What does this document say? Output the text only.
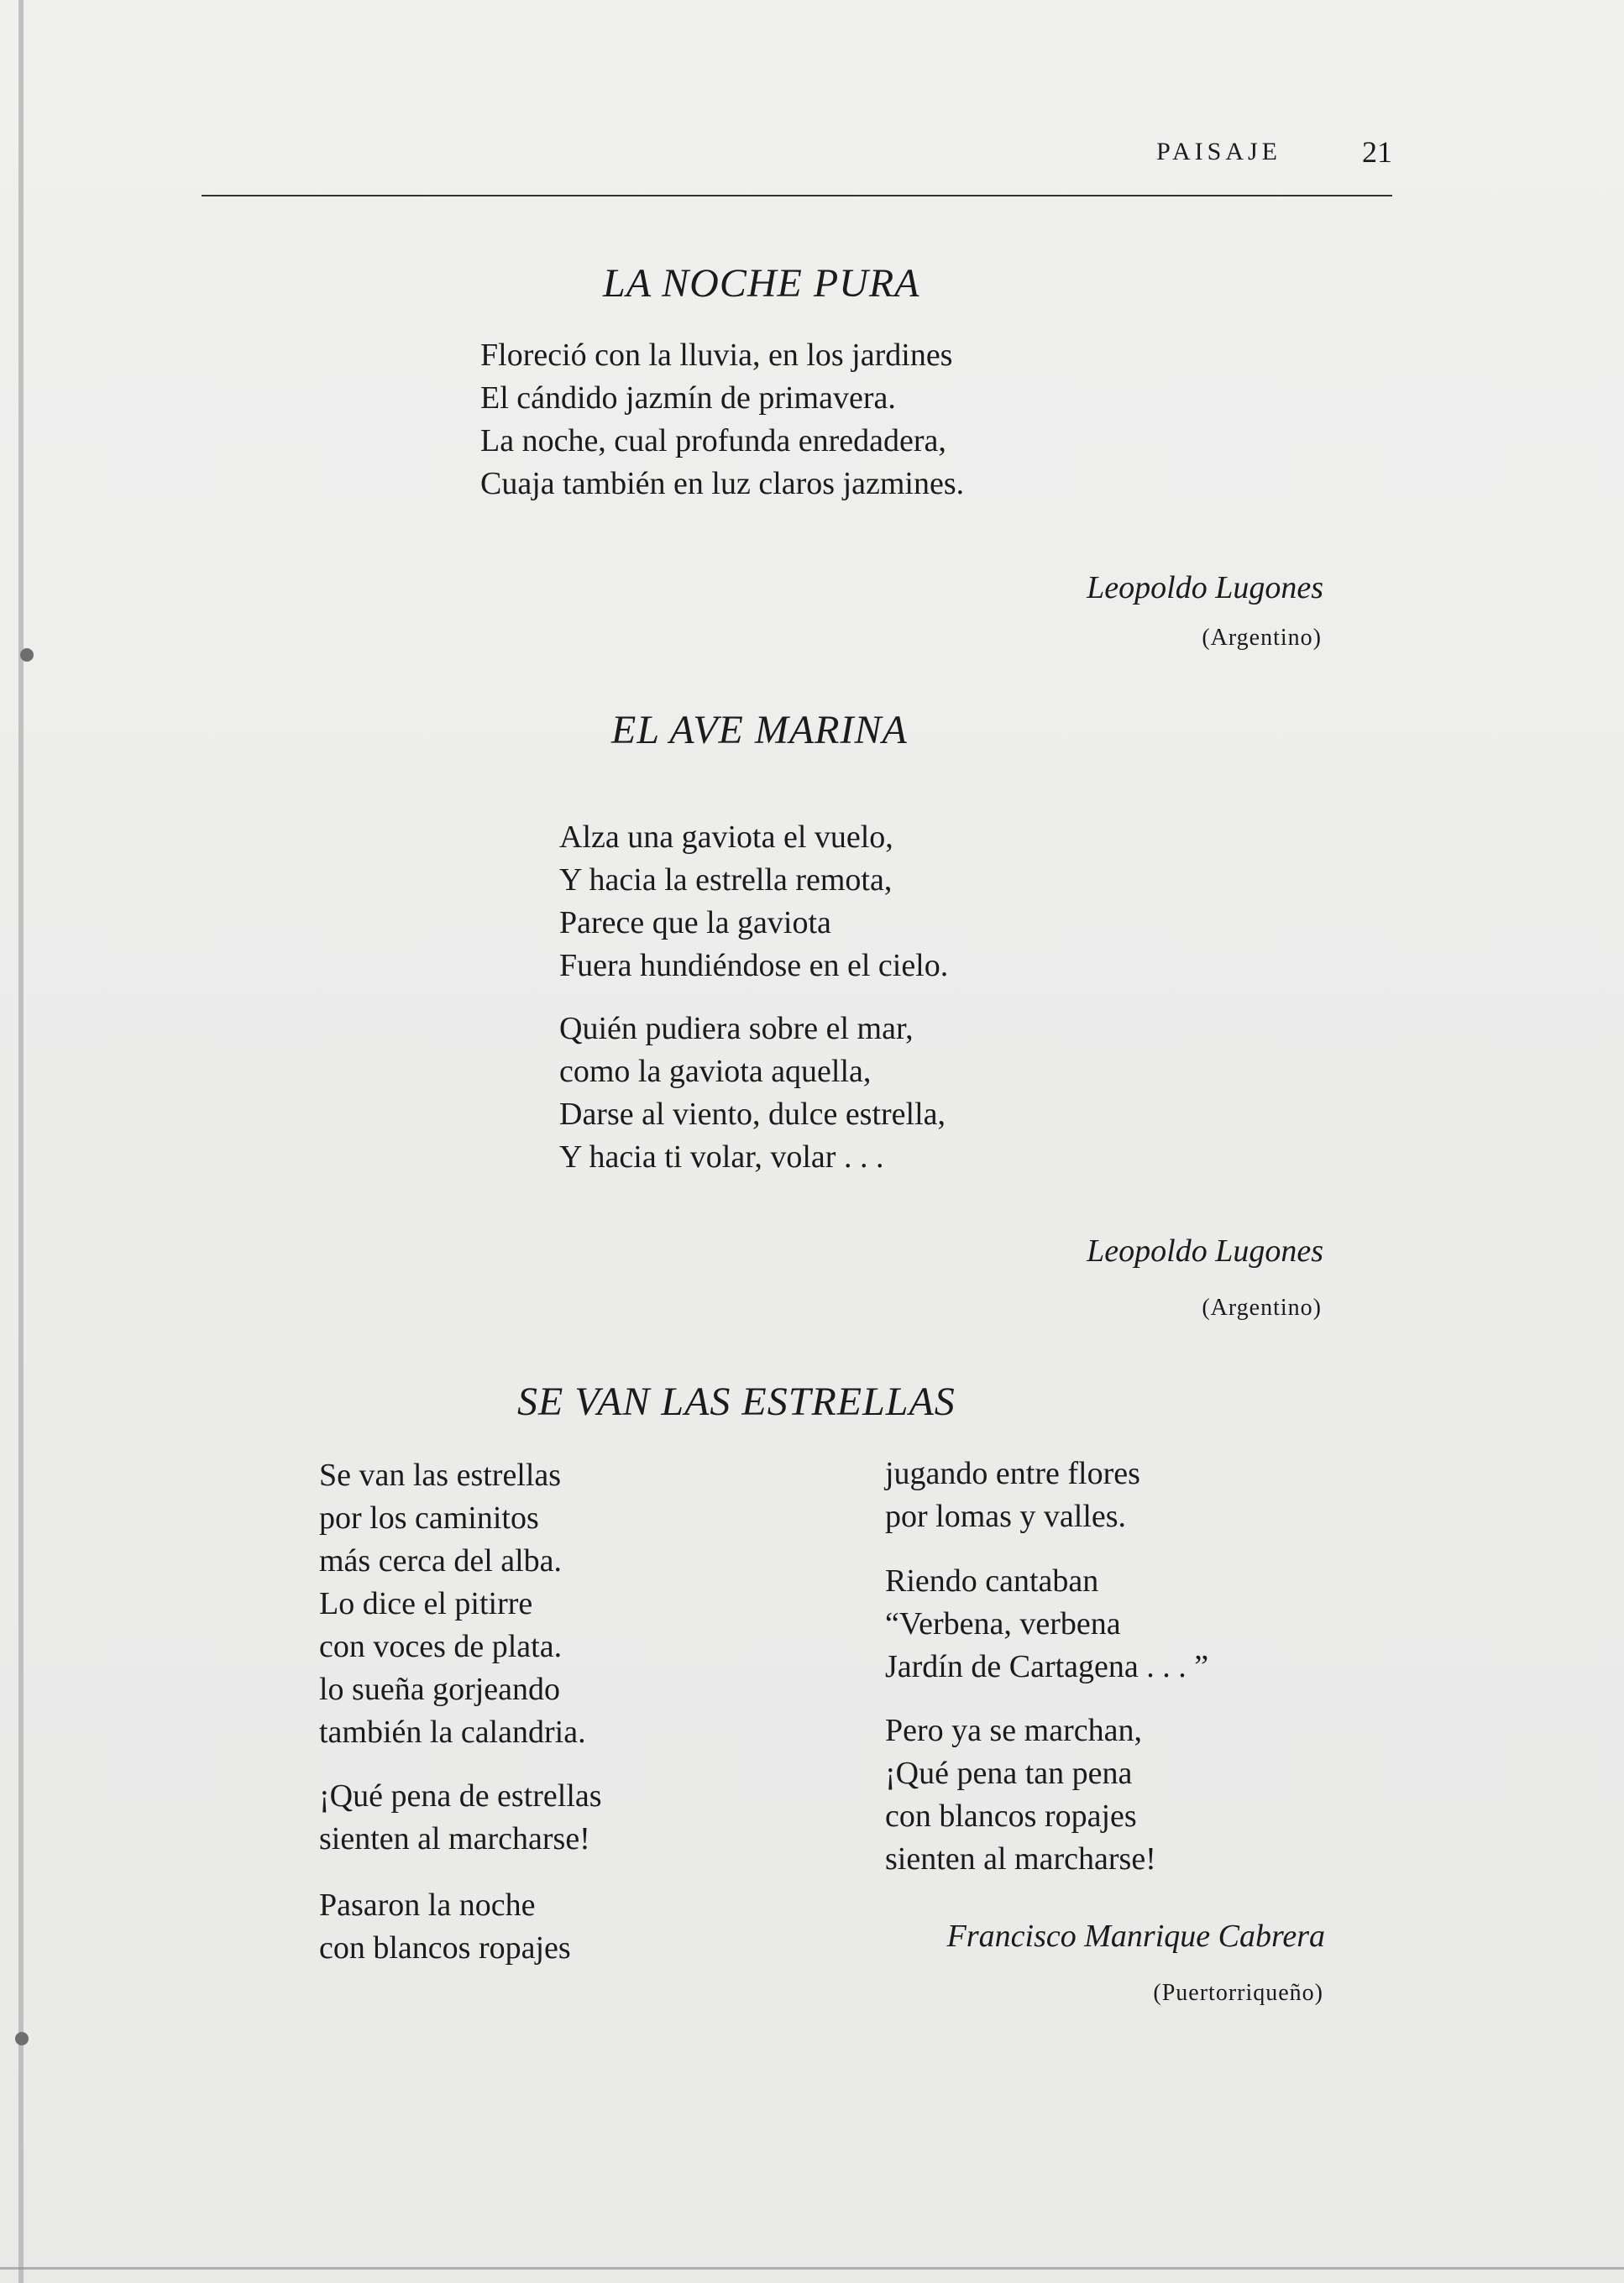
PAISAJE	21
LA NOCHE PURA
Floreció con la lluvia, en los jardines
El cándido jazmín de primavera.
La noche, cual profunda enredadera,
Cuaja también en luz claros jazmines.
Leopoldo Lugones
(Argentino)
EL AVE MARINA
Alza una gaviota el vuelo,
Y hacia la estrella remota,
Parece que la gaviota
Fuera hundiéndose en el cielo.
Quién pudiera sobre el mar,
como la gaviota aquella,
Darse al viento, dulce estrella,
Y hacia ti volar, volar . . .
Leopoldo Lugones
(Argentino)
SE VAN LAS ESTRELLAS
Se van las estrellas
por los caminitos
más cerca del alba.
Lo dice el pitirre
con voces de plata.
lo sueña gorjeando
también la calandria.
¡Qué pena de estrellas
sienten al marcharse!
Pasaron la noche
con blancos ropajes
jugando entre flores
por lomas y valles.
Riendo cantaban
“Verbena, verbena
Jardín de Cartagena . . . ”
Pero ya se marchan,
¡Qué pena tan pena
con blancos ropajes
sienten al marcharse!
Francisco Manrique Cabrera
(Puertorriqueño)
